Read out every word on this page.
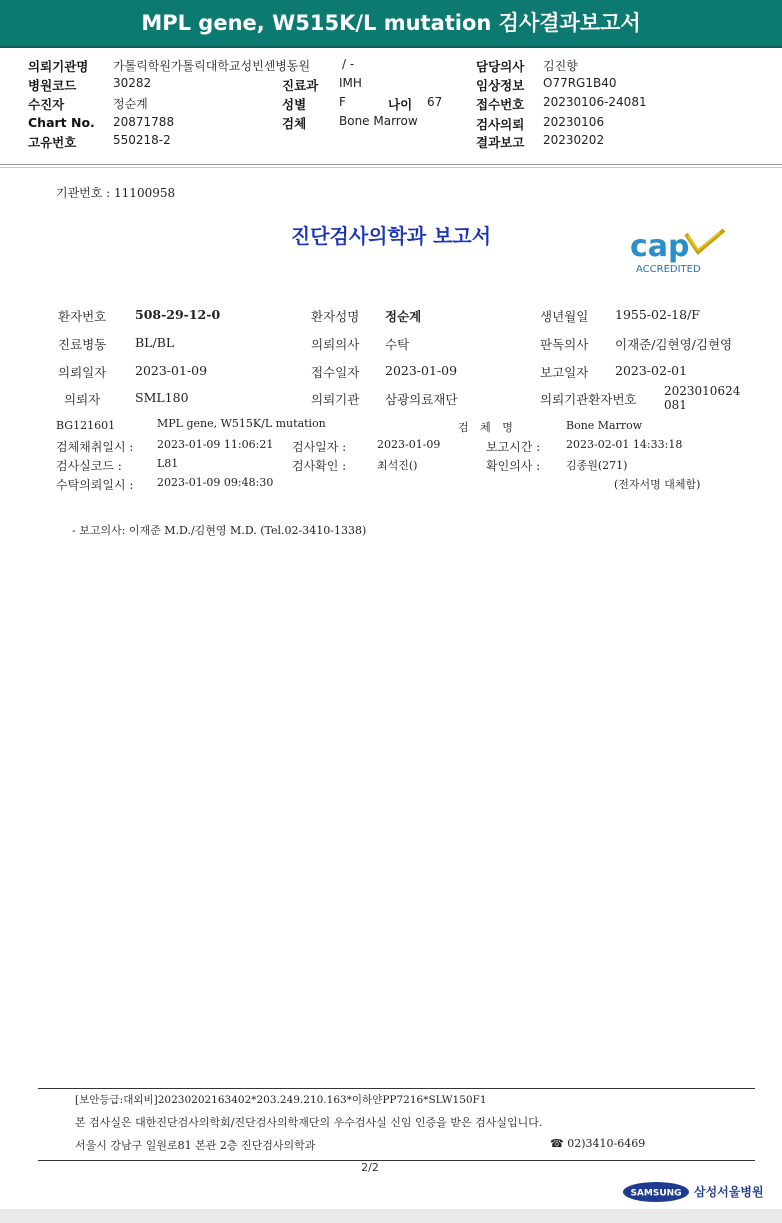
MPL gene, W515K/L mutation 검사결과보고서
의뢰기관명 가톨릭학원가톨릭대학교성빈센병동원	/ -	담당의사 김진향
병원코드	30282	진료과 IMH	임상정보 O77RG1B40
수진자	정순계	성별	F	나이 67	접수번호 20230106-24081
Chart No. 20871788	검체	Bone Marrow	검사의뢰 20230106
고유번호	550218-2	결과보고 20230202
기관번호 : 11100958
진단검사의학과 보고서	cap
ACCREDITED
환자번호 508-29-12-0	환자성명 정순계	생년월일 1955-02-18/F
진료병동 BL/BL	의뢰의사 수탁	판독의사 이재준/김현영/김현영
의뢰일자 2023-01-09	접수일자 2023-01-09	보고일자 2023-02-01
의뢰자	SML180	의뢰기관 삼광의료재단	의뢰기관환자번호
2023010624081
BG121601	MPL gene, W515K/L mutation	검 체 명	Bone Marrow
검체채취일시 : 2023-01-09 11:06:21 검사일자 :	2023-01-09	보고시간 : 2023-02-01 14:33:18
검사실코드 :	L81	검사확인 :	최석진()	확인의사 : 김종원(271)
수탁의뢰일시 : 2023-01-09 09:48:30	(전자서명 대체함)
- 보고의사: 이재준 M.D./김현영 M.D. (Tel.02-3410-1338)
[보안등급:대외비]20230202163402*203.249.210.163*이하얀PP7216*SLW150F1
본 검사실은 대한진단검사의학회/진단검사의학재단의 우수검사실 신임 인증을 받은 검사실입니다.
서울시 강남구 일원로81 본관 2층 진단검사의학과	☎ 02)3410-6469
2/2
SAMSUNG 삼성서울병원
